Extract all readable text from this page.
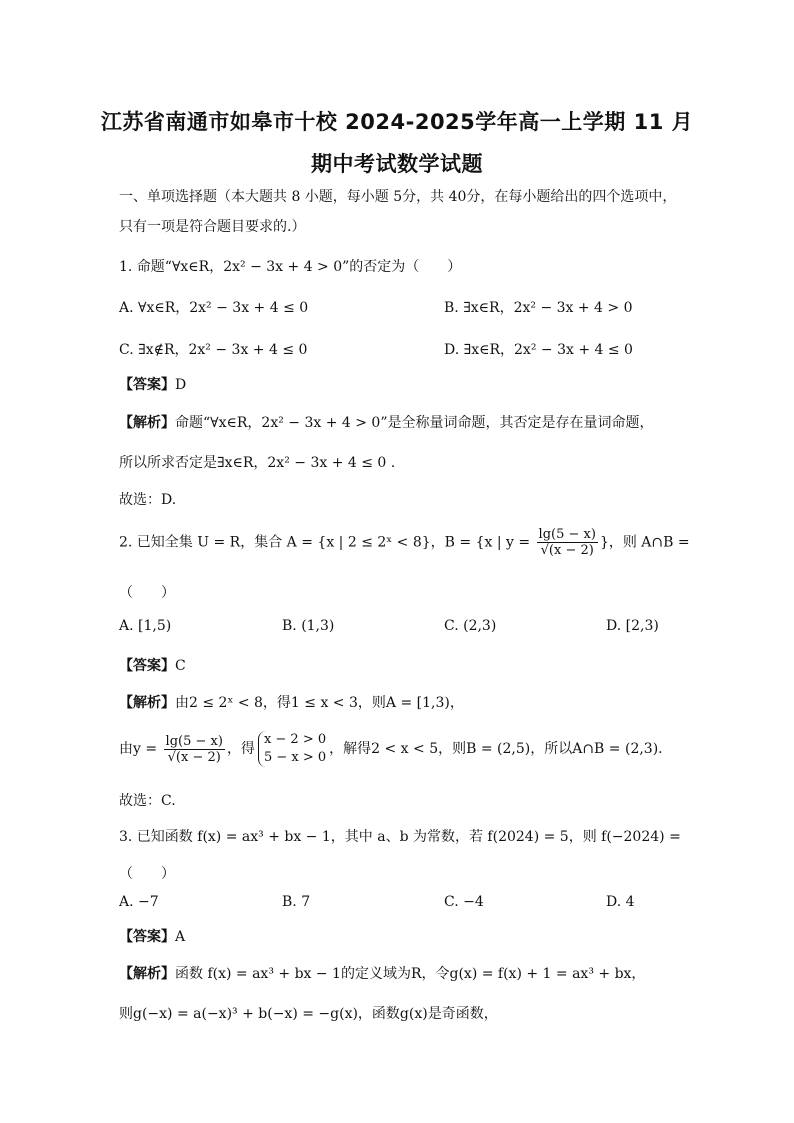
江苏省南通市如皋市十校 2024-2025学年高一上学期 11 月
期中考试数学试题
一、单项选择题（本大题共 8 小题，每小题 5分，共 40分，在每小题给出的四个选项中，
只有一项是符合题目要求的.）
1. 命题“∀x∈R，2x² − 3x + 4 > 0”的否定为（　　）
A. ∀x∈R，2x² − 3x + 4 ≤ 0	B. ∃x∈R，2x² − 3x + 4 > 0
C. ∃x∉R，2x² − 3x + 4 ≤ 0	D. ∃x∈R，2x² − 3x + 4 ≤ 0
【答案】D
【解析】命题“∀x∈R，2x² − 3x + 4 > 0”是全称量词命题，其否定是存在量词命题，
所以所求否定是∃x∈R，2x² − 3x + 4 ≤ 0 .
故选：D.
2. 已知全集 U = R，集合 A = {x | 2 ≤ 2ˣ < 8}，B = {x | $y = \frac{\lg(5 - x)}{√(x - 2)}$ }，则 A∩B =
（　　）
A. [1,5)	B. (1,3)	C. (2,3)	D. [2,3)
【答案】C
【解析】由2 ≤ 2ˣ < 8，得1 ≤ x < 3，则A = [1,3)，
由$y = \frac{\lg(5 - x)}{√(x - 2)}$ ，得
x − 2 > 0
5 − x > 0
，解得2 < x < 5，则B = (2,5)，所以A∩B = (2,3).
故选：C.
3. 已知函数 f(x) = ax³ + bx − 1，其中 a、b 为常数，若 f(2024) = 5，则 f(−2024) =
（　　）
A. −7	B. 7	C. −4	D. 4
【答案】A
【解析】函数 f(x) = ax³ + bx − 1的定义域为R，令g(x) = f(x) + 1 = ax³ + bx，
则g(−x) = a(−x)³ + b(−x) = −g(x)，函数g(x)是奇函数，
